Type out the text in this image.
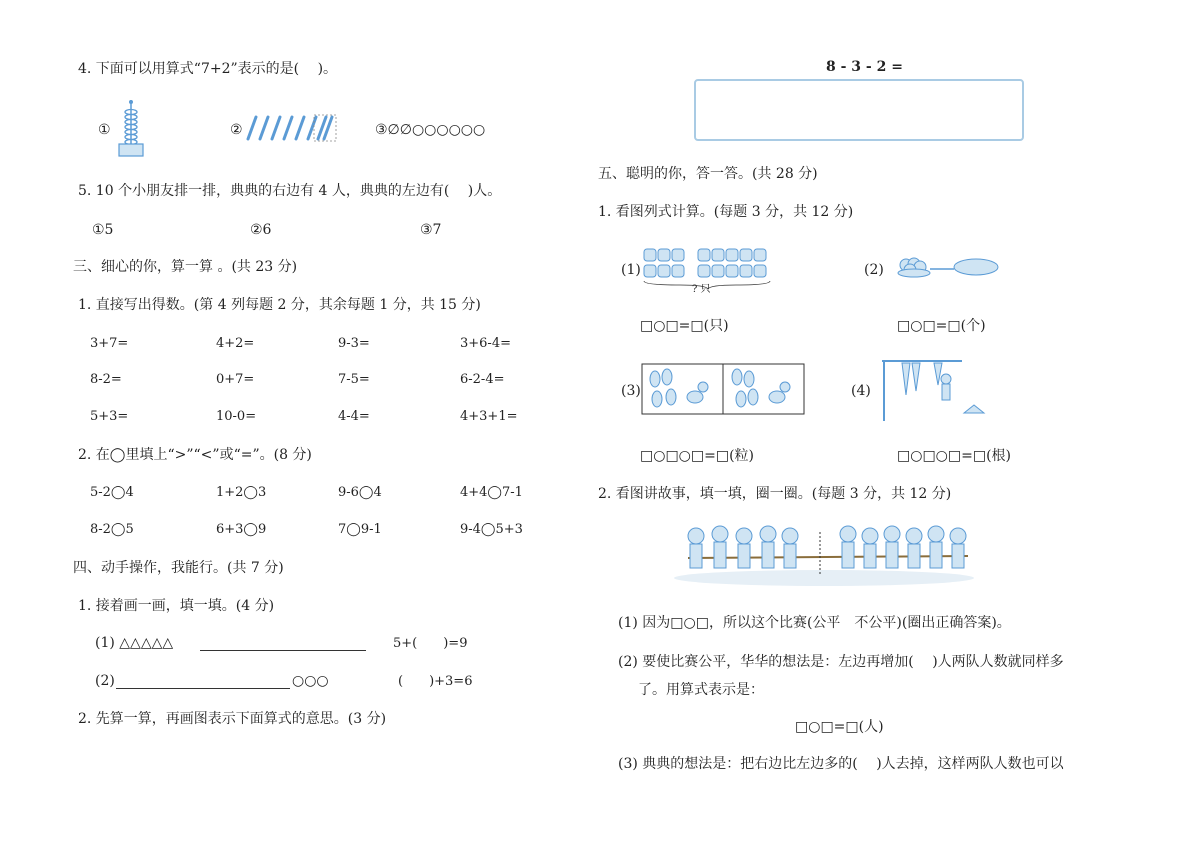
4. 下面可以用算式“7+2”表示的是(　 )。
①	②	③∅∅○○○○○○
5. 10 个小朋友排一排，典典的右边有 4 人，典典的左边有(　 )人。
①5	②6	③7
三、细心的你，算一算 。(共 23 分)
1. 直接写出得数。(第 4 列每题 2 分，其余每题 1 分，共 15 分)
3+7=	4+2=	9-3=	3+6-4=
8-2=	0+7=	7-5=	6-2-4=
5+3=	10-0=	4-4=	4+3+1=
2. 在◯里填上“>”“<”或“=”。(8 分)
5-2◯4	1+2◯3	9-6◯4	4+4◯7-1
8-2◯5	6+3◯9	7◯9-1	9-4◯5+3
四、动手操作，我能行。(共 7 分)
1. 接着画一画，填一填。(4 分)
(1) △△△△△	5+(　　)=9
(2)	○○○	(　　)+3=6
2. 先算一算，再画图表示下面算式的意思。(3 分)
8 - 3 - 2 =
五、聪明的你，答一答。(共 28 分)
1. 看图列式计算。(每题 3 分，共 12 分)
(1)
? 只
(2)
□○□=□(只)	□○□=□(个)
(3)	(4)
□○□○□=□(粒)	□○□○□=□(根)
2. 看图讲故事，填一填，圈一圈。(每题 3 分，共 12 分)
(1) 因为□○□，所以这个比赛(公平　不公平)(圈出正确答案)。
(2) 要使比赛公平，华华的想法是：左边再增加(　 )人两队人数就同样多
了。用算式表示是：
□○□=□(人)
(3) 典典的想法是：把右边比左边多的(　 )人去掉，这样两队人数也可以
